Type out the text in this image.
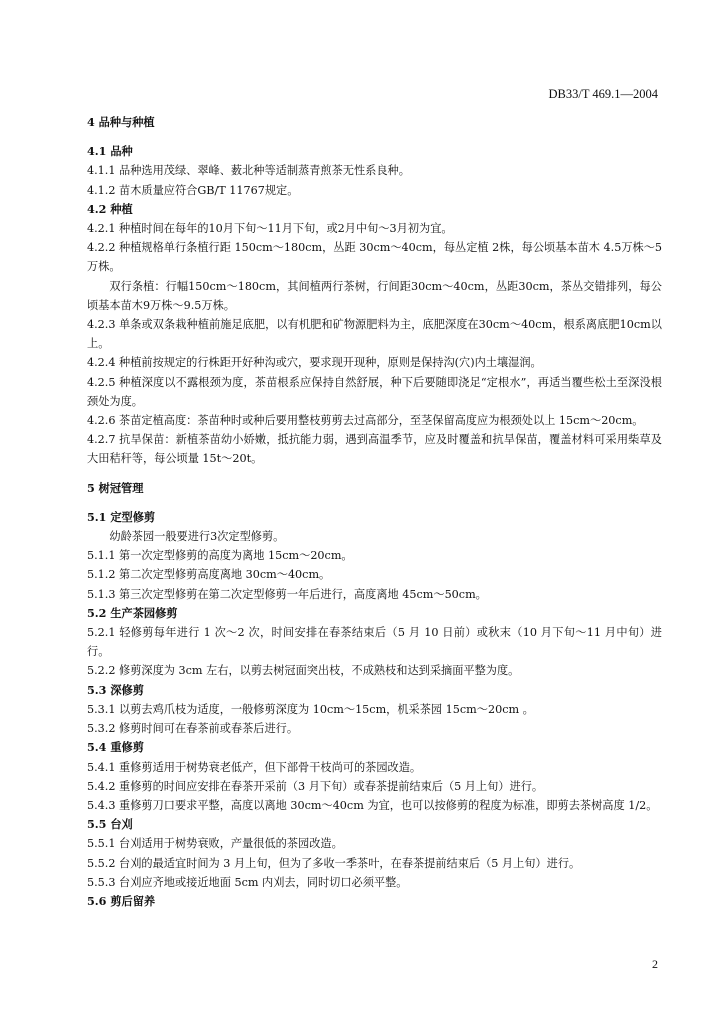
DB33/T 469.1—2004
4 品种与种植
4.1 品种
4.1.1 品种选用茂绿、翠峰、薮北种等适制蒸青煎茶无性系良种。
4.1.2 苗木质量应符合GB/T 11767规定。
4.2 种植
4.2.1 种植时间在每年的10月下旬～11月下旬，或2月中旬～3月初为宜。
4.2.2 种植规格单行条植行距 150cm～180cm，丛距 30cm～40cm，每丛定植 2株，每公顷基本苗木 4.5万株～5万株。
双行条植：行幅150cm～180cm，其间植两行茶树，行间距30cm～40cm，丛距30cm，茶丛交错排列，每公顷基本苗木9万株～9.5万株。
4.2.3 单条或双条栽种植前施足底肥，以有机肥和矿物源肥料为主，底肥深度在30cm～40cm，根系离底肥10cm以上。
4.2.4 种植前按规定的行株距开好种沟或穴，要求现开现种，原则是保持沟(穴)内土壤湿润。
4.2.5 种植深度以不露根颈为度，茶苗根系应保持自然舒展，种下后要随即浇足“定根水”，再适当覆些松土至深没根颈处为度。
4.2.6 茶苗定植高度：茶苗种时或种后要用整枝剪剪去过高部分，至茎保留高度应为根颈处以上 15cm～20cm。
4.2.7 抗旱保苗：新植茶苗幼小娇嫩，抵抗能力弱，遇到高温季节，应及时覆盖和抗旱保苗，覆盖材料可采用柴草及大田秸秆等，每公顷量 15t～20t。
5 树冠管理
5.1 定型修剪
幼龄茶园一般要进行3次定型修剪。
5.1.1 第一次定型修剪的高度为离地 15cm～20cm。
5.1.2 第二次定型修剪高度离地 30cm～40cm。
5.1.3 第三次定型修剪在第二次定型修剪一年后进行，高度离地 45cm～50cm。
5.2 生产茶园修剪
5.2.1 轻修剪每年进行 1 次～2 次，时间安排在春茶结束后（5 月 10 日前）或秋末（10 月下旬～11 月中旬）进行。
5.2.2 修剪深度为 3cm 左右，以剪去树冠面突出枝，不成熟枝和达到采摘面平整为度。
5.3 深修剪
5.3.1 以剪去鸡爪枝为适度，一般修剪深度为 10cm～15cm，机采茶园 15cm～20cm 。
5.3.2 修剪时间可在春茶前或春茶后进行。
5.4 重修剪
5.4.1 重修剪适用于树势衰老低产，但下部骨干枝尚可的茶园改造。
5.4.2 重修剪的时间应安排在春茶开采前（3 月下旬）或春茶提前结束后（5 月上旬）进行。
5.4.3 重修剪刀口要求平整，高度以离地 30cm～40cm 为宜，也可以按修剪的程度为标准，即剪去茶树高度 1/2。
5.5 台刈
5.5.1 台刈适用于树势衰败，产量很低的茶园改造。
5.5.2 台刈的最适宜时间为 3 月上旬，但为了多收一季茶叶，在春茶提前结束后（5 月上旬）进行。
5.5.3 台刈应齐地或接近地面 5cm 内刈去，同时切口必须平整。
5.6 剪后留养
2
